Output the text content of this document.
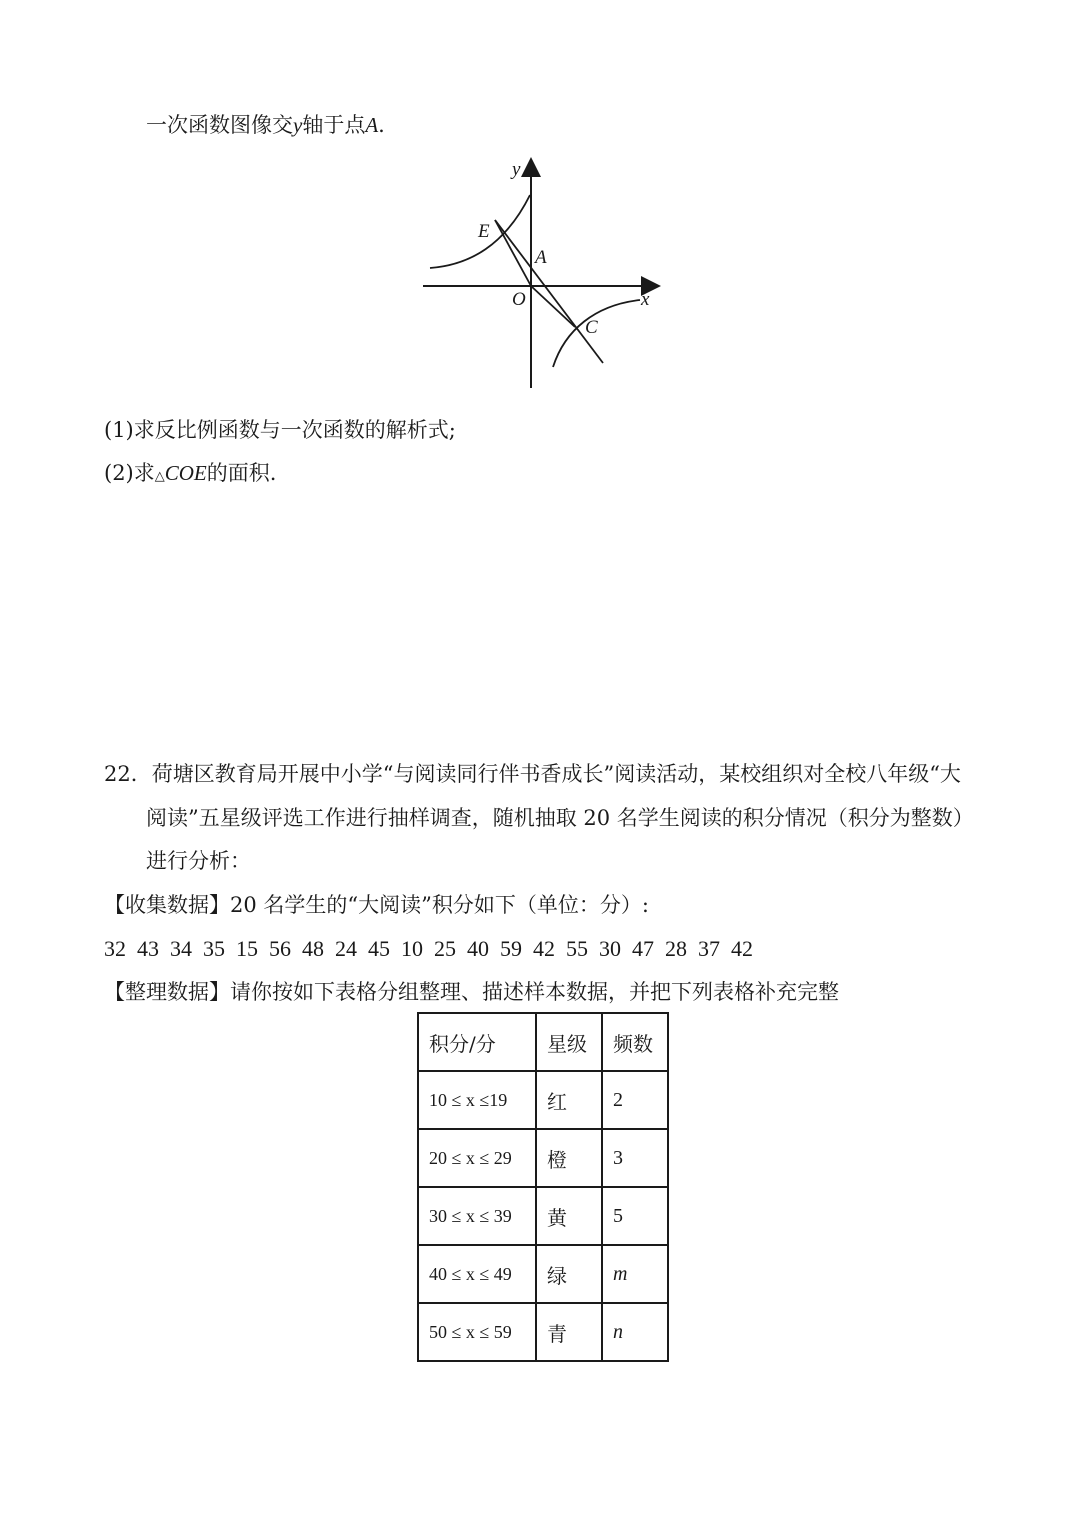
一次函数图像交y轴于点A.
y
x
E
A
O
C
(1)求反比例函数与一次函数的解析式;
(2)求△COE的面积.
22．荷塘区教育局开展中小学“与阅读同行伴书香成长”阅读活动，某校组织对全校八年级“大
阅读”五星级评选工作进行抽样调查，随机抽取 20 名学生阅读的积分情况（积分为整数）
进行分析：
【收集数据】20 名学生的“大阅读”积分如下（单位：分）:
32  43  34  35  15  56  48  24  45  10  25  40  59  42  55  30  47  28  37  42
【整理数据】请你按如下表格分组整理、描述样本数据，并把下列表格补充完整
积分/分	星级	频数
10 ≤ x ≤19	红	2
20 ≤ x ≤ 29	橙	3
30 ≤ x ≤ 39	黄	5
40 ≤ x ≤ 49	绿	m
50 ≤ x ≤ 59	青	n
